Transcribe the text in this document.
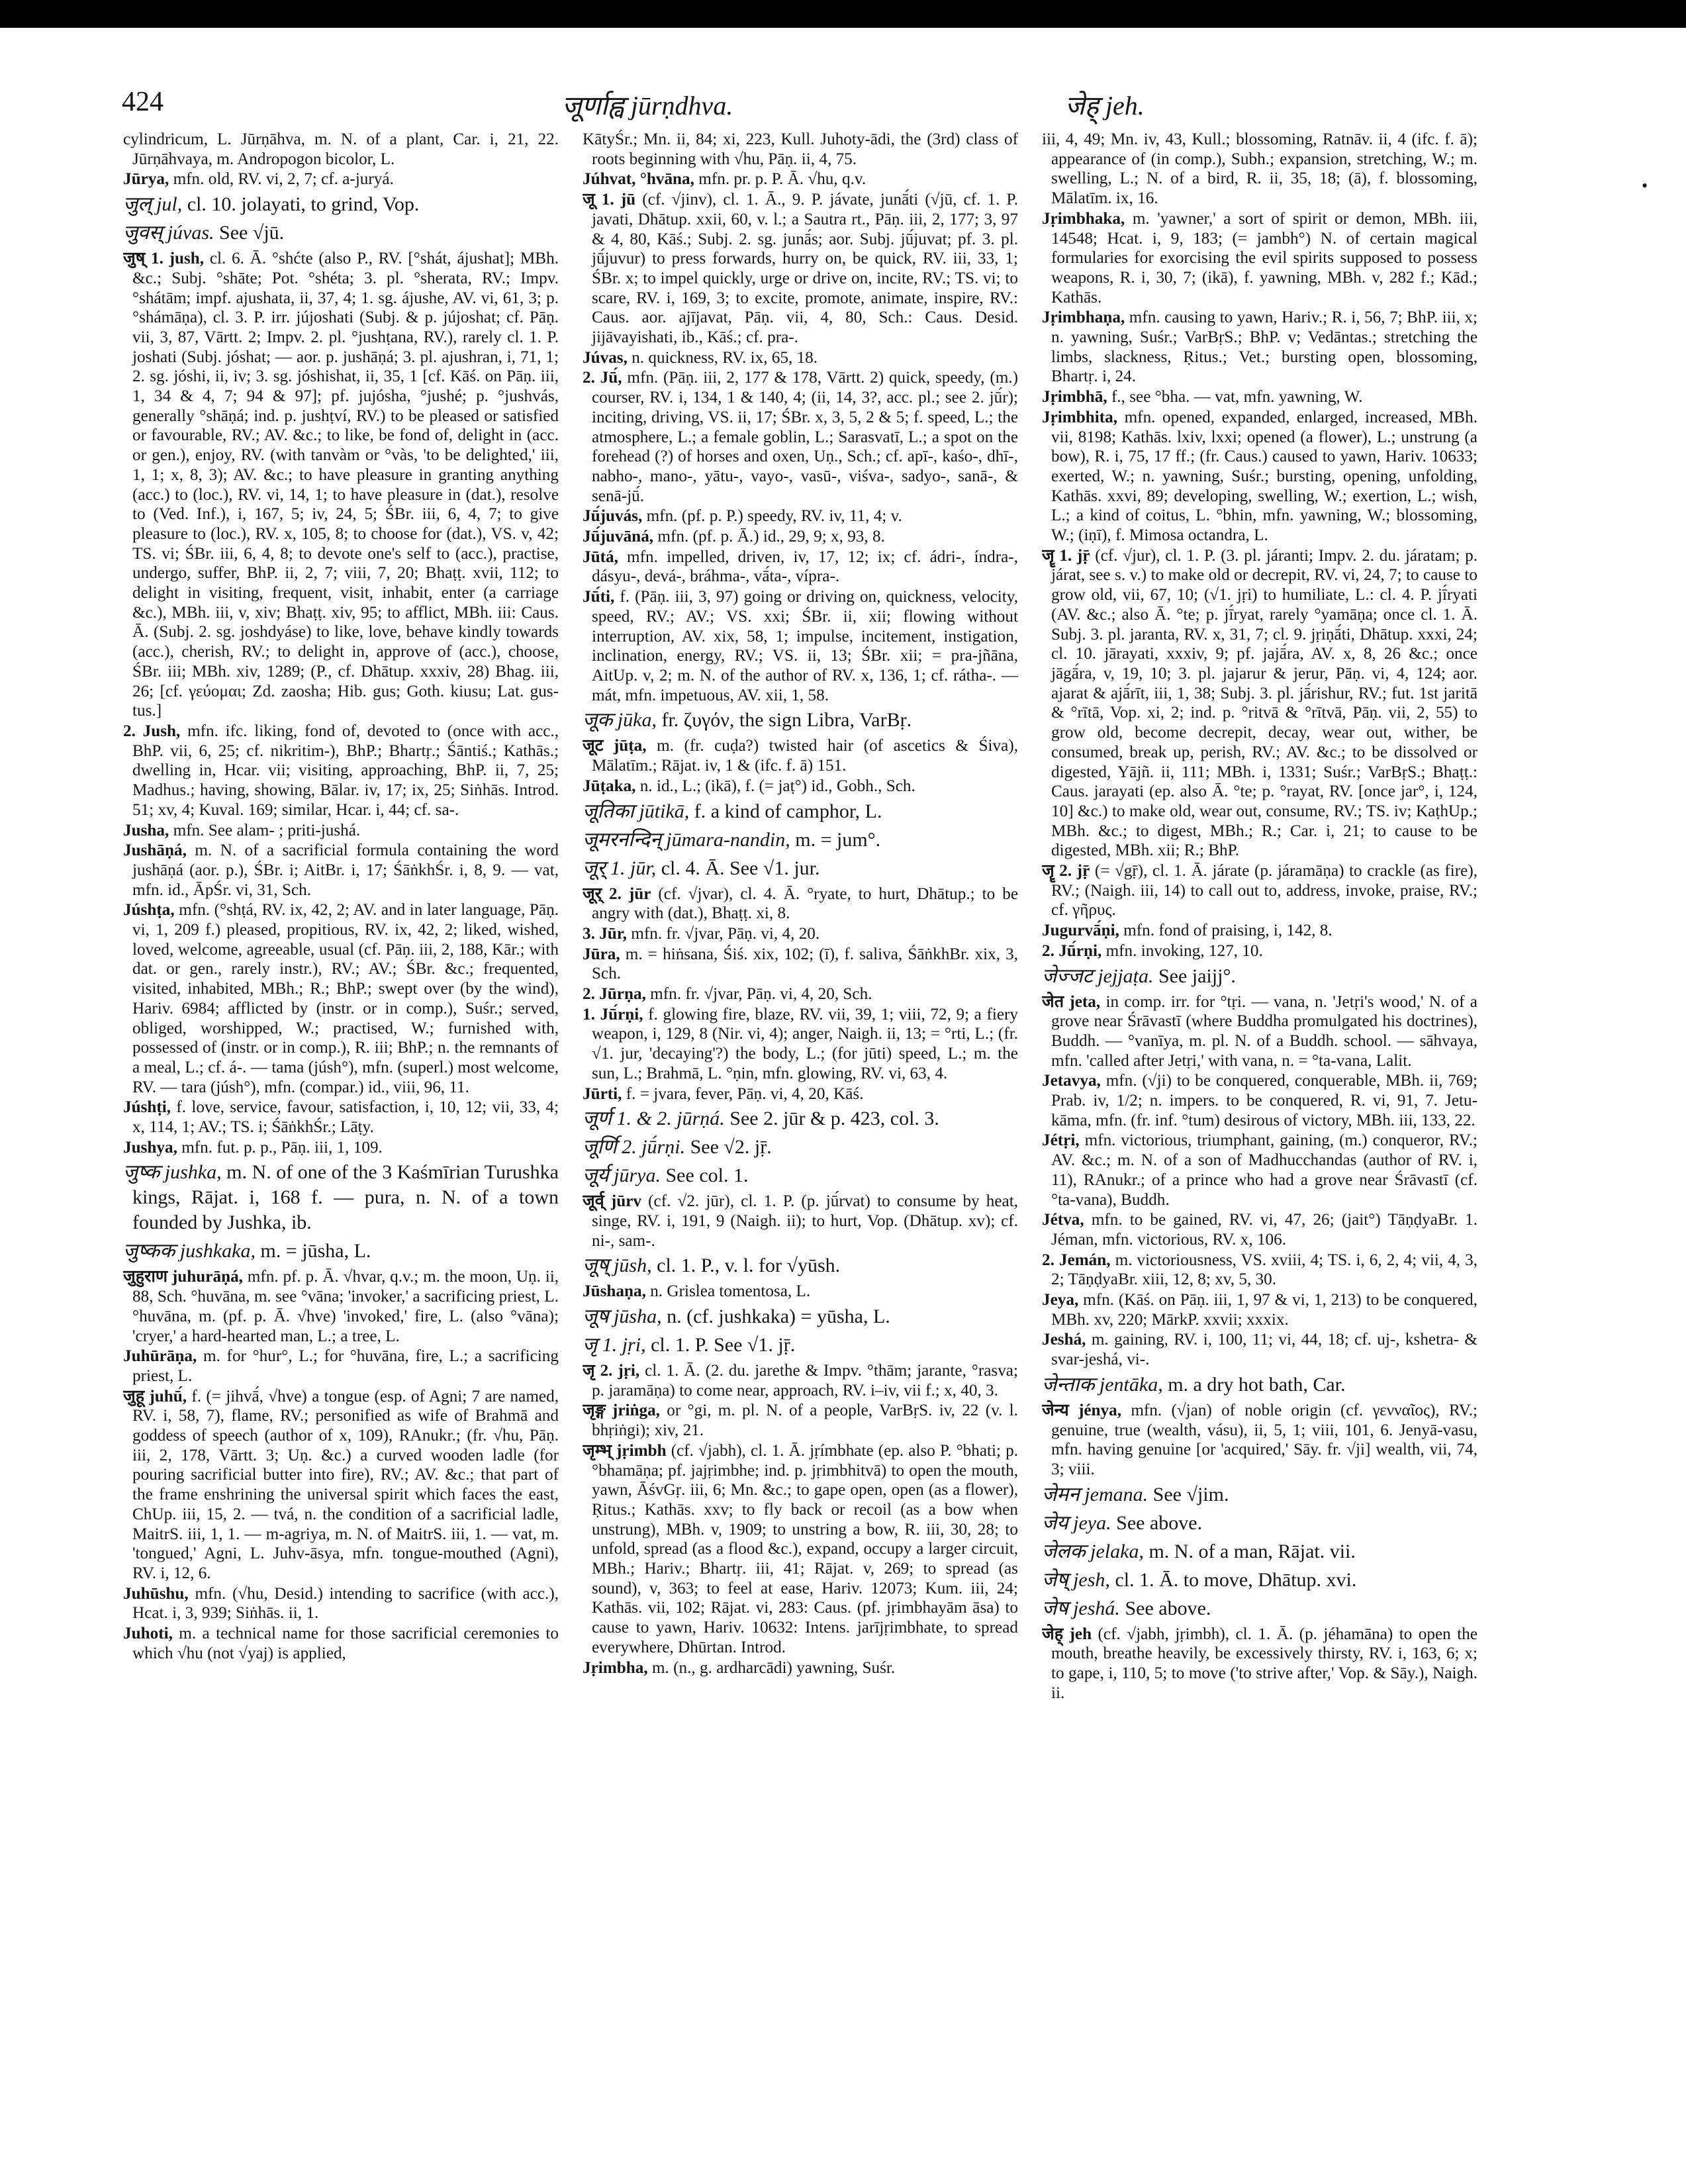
424	जूर्णाह्व jūrṇdhva.	जेह् jeh.
•

cylindricum, L. Jūrṇāhva, m. N. of a plant, Car. i, 21, 22. Jūrṇāhvaya, m. Andropogon bicolor, L.

Jūrya, mfn. old, RV. vi, 2, 7; cf. a-juryá.

जुल् jul, cl. 10. jolayati, to grind, Vop.

जुवस् júvas. See √jū.

जुष् 1. jush, cl. 6. Ā. °shćte (also P., RV. [°shát, ájushat]; MBh. &c.; Subj. °shāte; Pot. °shéta; 3. pl. °sherata, RV.; Impv. °shátām; impf. ajushata, ii, 37, 4; 1. sg. ájushe, AV. vi, 61, 3; p. °shámāṇa), cl. 3. P. irr. jújoshati (Subj. & p. jújoshat; cf. Pāṇ. vii, 3, 87, Vārtt. 2; Impv. 2. pl. °jushṭana, RV.), rarely cl. 1. P. joshati (Subj. jóshat; — aor. p. jushāṇá; 3. pl. ajushran, i, 71, 1; 2. sg. jóshi, ii, iv; 3. sg. jóshishat, ii, 35, 1 [cf. Kāś. on Pāṇ. iii, 1, 34 & 4, 7; 94 & 97]; pf. jujósha, °jushé; p. °jushvás, generally °shāṇá; ind. p. jushṭví, RV.) to be pleased or satisfied or favourable, RV.; AV. &c.; to like, be fond of, delight in (acc. or gen.), enjoy, RV. (with tanvàm or °vàs, 'to be delighted,' iii, 1, 1; x, 8, 3); AV. &c.; to have pleasure in granting anything (acc.) to (loc.), RV. vi, 14, 1; to have pleasure in (dat.), resolve to (Ved. Inf.), i, 167, 5; iv, 24, 5; ŚBr. iii, 6, 4, 7; to give pleasure to (loc.), RV. x, 105, 8; to choose for (dat.), VS. v, 42; TS. vi; ŚBr. iii, 6, 4, 8; to devote one's self to (acc.), practise, undergo, suffer, BhP. ii, 2, 7; viii, 7, 20; Bhaṭṭ. xvii, 112; to delight in visiting, frequent, visit, inhabit, enter (a carriage &c.), MBh. iii, v, xiv; Bhaṭṭ. xiv, 95; to afflict, MBh. iii: Caus. Ā. (Subj. 2. sg. joshdyáse) to like, love, behave kindly towards (acc.), cherish, RV.; to delight in, approve of (acc.), choose, ŚBr. iii; MBh. xiv, 1289; (P., cf. Dhātup. xxxiv, 28) Bhag. iii, 26; [cf. γεύομαι; Zd. zaosha; Hib. gus; Goth. kiusu; Lat. gus-tus.]

2. Jush, mfn. ifc. liking, fond of, devoted to (once with acc., BhP. vii, 6, 25; cf. nikritim-), BhP.; Bhartṛ.; Śāntiś.; Kathās.; dwelling in, Hcar. vii; visiting, approaching, BhP. ii, 7, 25; Madhus.; having, showing, Bālar. iv, 17; ix, 25; Siṅhās. Introd. 51; xv, 4; Kuval. 169; similar, Hcar. i, 44; cf. sa-.

Jusha, mfn. See alam- ; priti-jushá.

Jushāṇá, m. N. of a sacrificial formula containing the word jushāṇá (aor. p.), ŚBr. i; AitBr. i, 17; ŚāṅkhŚr. i, 8, 9. — vat, mfn. id., ĀpŚr. vi, 31, Sch.

Júshṭa, mfn. (°shṭá, RV. ix, 42, 2; AV. and in later language, Pāṇ. vi, 1, 209 f.) pleased, propitious, RV. ix, 42, 2; liked, wished, loved, welcome, agreeable, usual (cf. Pāṇ. iii, 2, 188, Kār.; with dat. or gen., rarely instr.), RV.; AV.; ŚBr. &c.; frequented, visited, inhabited, MBh.; R.; BhP.; swept over (by the wind), Hariv. 6984; afflicted by (instr. or in comp.), Suśr.; served, obliged, worshipped, W.; practised, W.; furnished with, possessed of (instr. or in comp.), R. iii; BhP.; n. the remnants of a meal, L.; cf. á-. — tama (júsh°), mfn. (superl.) most welcome, RV. — tara (júsh°), mfn. (compar.) id., viii, 96, 11.

Júshṭi, f. love, service, favour, satisfaction, i, 10, 12; vii, 33, 4; x, 114, 1; AV.; TS. i; ŚāṅkhŚr.; Lāṭy.

Jushya, mfn. fut. p. p., Pāṇ. iii, 1, 109.

जुष्क jushka, m. N. of one of the 3 Kaśmīrian Turushka kings, Rājat. i, 168 f. — pura, n. N. of a town founded by Jushka, ib.

जुष्कक jushkaka, m. = jūsha, L.

जुहुराण juhurāṇá, mfn. pf. p. Ā. √hvar, q.v.; m. the moon, Uṇ. ii, 88, Sch. °huvāna, m. see °vāna; 'invoker,' a sacrificing priest, L. °huvāna, m. (pf. p. Ā. √hve) 'invoked,' fire, L. (also °vāna); 'cryer,' a hard-hearted man, L.; a tree, L.

Juhūrāṇa, m. for °hur°, L.; for °huvāna, fire, L.; a sacrificing priest, L.

जुहू juhū́, f. (= jihvā́, √hve) a tongue (esp. of Agni; 7 are named, RV. i, 58, 7), flame, RV.; personified as wife of Brahmā and goddess of speech (author of x, 109), RAnukr.; (fr. √hu, Pāṇ. iii, 2, 178, Vārtt. 3; Uṇ. &c.) a curved wooden ladle (for pouring sacrificial butter into fire), RV.; AV. &c.; that part of the frame enshrining the universal spirit which faces the east, ChUp. iii, 15, 2. — tvá, n. the condition of a sacrificial ladle, MaitrS. iii, 1, 1. — m-agriya, m. N. of MaitrS. iii, 1. — vat, m. 'tongued,' Agni, L. Juhv-āsya, mfn. tongue-mouthed (Agni), RV. i, 12, 6.

Juhūshu, mfn. (√hu, Desid.) intending to sacrifice (with acc.), Hcat. i, 3, 939; Siṅhās. ii, 1.

Juhoti, m. a technical name for those sacrificial ceremonies to which √hu (not √yaj) is applied,

KātyŚr.; Mn. ii, 84; xi, 223, Kull. Juhoty-ādi, the (3rd) class of roots beginning with √hu, Pāṇ. ii, 4, 75.

Júhvat, °hvāna, mfn. pr. p. P. Ā. √hu, q.v.

जू 1. jū (cf. √jinv), cl. 1. Ā., 9. P. jávate, junā́ti (√jū, cf. 1. P. javati, Dhātup. xxii, 60, v. l.; a Sautra rt., Pāṇ. iii, 2, 177; 3, 97 & 4, 80, Kāś.; Subj. 2. sg. junā́s; aor. Subj. jū́juvat; pf. 3. pl. jū́juvur) to press forwards, hurry on, be quick, RV. iii, 33, 1; ŚBr. x; to impel quickly, urge or drive on, incite, RV.; TS. vi; to scare, RV. i, 169, 3; to excite, promote, animate, inspire, RV.: Caus. aor. ajījavat, Pāṇ. vii, 4, 80, Sch.: Caus. Desid. jijāvayishati, ib., Kāś.; cf. pra-.

Júvas, n. quickness, RV. ix, 65, 18.

2. Jū́, mfn. (Pāṇ. iii, 2, 177 & 178, Vārtt. 2) quick, speedy, (m.) courser, RV. i, 134, 1 & 140, 4; (ii, 14, 3?, acc. pl.; see 2. jū́r); inciting, driving, VS. ii, 17; ŚBr. x, 3, 5, 2 & 5; f. speed, L.; the atmosphere, L.; a female goblin, L.; Sarasvatī, L.; a spot on the forehead (?) of horses and oxen, Uṇ., Sch.; cf. apī-, kaśo-, dhī-, nabho-, mano-, yātu-, vayo-, vasū-, viśva-, sadyo-, sanā-, & senā-jū́.

Jū́juvás, mfn. (pf. p. P.) speedy, RV. iv, 11, 4; v.

Jū́juvāná, mfn. (pf. p. Ā.) id., 29, 9; x, 93, 8.

Jūtá, mfn. impelled, driven, iv, 17, 12; ix; cf. ádri-, índra-, dásyu-, devá-, bráhma-, vā́ta-, vípra-.

Jū́ti, f. (Pāṇ. iii, 3, 97) going or driving on, quickness, velocity, speed, RV.; AV.; VS. xxi; ŚBr. ii, xii; flowing without interruption, AV. xix, 58, 1; impulse, incitement, instigation, inclination, energy, RV.; VS. ii, 13; ŚBr. xii; = pra-jñāna, AitUp. v, 2; m. N. of the author of RV. x, 136, 1; cf. rátha-. — mát, mfn. impetuous, AV. xii, 1, 58.

जूक jūka, fr. ζυγόν, the sign Libra, VarBṛ.

जूट jūṭa, m. (fr. cuḍa?) twisted hair (of ascetics & Śiva), Mālatīm.; Rājat. iv, 1 & (ifc. f. ā) 151.

Jūṭaka, n. id., L.; (ikā), f. (= jaṭ°) id., Gobh., Sch.

जूतिका jūtikā, f. a kind of camphor, L.

जूमरनन्दिन् jūmara-nandin, m. = jum°.

जूर् 1. jūr, cl. 4. Ā. See √1. jur.

जूर् 2. jūr (cf. √jvar), cl. 4. Ā. °ryate, to hurt, Dhātup.; to be angry with (dat.), Bhaṭṭ. xi, 8.

3. Jūr, mfn. fr. √jvar, Pāṇ. vi, 4, 20.

Jūra, m. = hiṅsana, Śiś. xix, 102; (ī), f. saliva, ŚāṅkhBr. xix, 3, Sch.

2. Jūrṇa, mfn. fr. √jvar, Pāṇ. vi, 4, 20, Sch.

1. Jū́rṇi, f. glowing fire, blaze, RV. vii, 39, 1; viii, 72, 9; a fiery weapon, i, 129, 8 (Nir. vi, 4); anger, Naigh. ii, 13; = °rti, L.; (fr. √1. jur, 'decaying'?) the body, L.; (for jūti) speed, L.; m. the sun, L.; Brahmā, L. °ṇin, mfn. glowing, RV. vi, 63, 4.

Jūrti, f. = jvara, fever, Pāṇ. vi, 4, 20, Kāś.

जूर्ण 1. & 2. jūrṇá. See 2. jūr & p. 423, col. 3.

जूर्णि 2. jū́rṇi. See √2. jṝ.

जूर्य jūrya. See col. 1.

जूर्व् jūrv (cf. √2. jūr), cl. 1. P. (p. jū́rvat) to consume by heat, singe, RV. i, 191, 9 (Naigh. ii); to hurt, Vop. (Dhātup. xv); cf. ni-, sam-.

जूष् jūsh, cl. 1. P., v. l. for √yūsh.

Jūshaṇa, n. Grislea tomentosa, L.

जूष jūsha, n. (cf. jushkaka) = yūsha, L.

जृ 1. jṛi, cl. 1. P. See √1. jṝ.

जृ 2. jṛi, cl. 1. Ā. (2. du. jarethe & Impv. °thām; jarante, °rasva; p. jaramāṇa) to come near, approach, RV. i–iv, vii f.; x, 40, 3.

जृङ्ग jriṅga, or °gi, m. pl. N. of a people, VarBṛS. iv, 22 (v. l. bhṛiṅgi); xiv, 21.

जृम्भ् jṛimbh (cf. √jabh), cl. 1. Ā. jṛímbhate (ep. also P. °bhati; p. °bhamāṇa; pf. jajṛimbhe; ind. p. jṛimbhitvā) to open the mouth, yawn, ĀśvGṛ. iii, 6; Mn. &c.; to gape open, open (as a flower), Ṛitus.; Kathās. xxv; to fly back or recoil (as a bow when unstrung), MBh. v, 1909; to unstring a bow, R. iii, 30, 28; to unfold, spread (as a flood &c.), expand, occupy a larger circuit, MBh.; Hariv.; Bhartṛ. iii, 41; Rājat. v, 269; to spread (as sound), v, 363; to feel at ease, Hariv. 12073; Kum. iii, 24; Kathās. vii, 102; Rājat. vi, 283: Caus. (pf. jṛimbhayām āsa) to cause to yawn, Hariv. 10632: Intens. jarījṛimbhate, to spread everywhere, Dhūrtan. Introd.

Jṛimbha, m. (n., g. ardharcādi) yawning, Suśr.

iii, 4, 49; Mn. iv, 43, Kull.; blossoming, Ratnāv. ii, 4 (ifc. f. ā); appearance of (in comp.), Subh.; expansion, stretching, W.; m. swelling, L.; N. of a bird, R. ii, 35, 18; (ā), f. blossoming, Mālatīm. ix, 16.

Jṛimbhaka, m. 'yawner,' a sort of spirit or demon, MBh. iii, 14548; Hcat. i, 9, 183; (= jambh°) N. of certain magical formularies for exorcising the evil spirits supposed to possess weapons, R. i, 30, 7; (ikā), f. yawning, MBh. v, 282 f.; Kād.; Kathās.

Jṛimbhaṇa, mfn. causing to yawn, Hariv.; R. i, 56, 7; BhP. iii, x; n. yawning, Suśr.; VarBṛS.; BhP. v; Vedāntas.; stretching the limbs, slackness, Ṛitus.; Vet.; bursting open, blossoming, Bhartṛ. i, 24.

Jṛimbhā, f., see °bha. — vat, mfn. yawning, W.

Jṛimbhita, mfn. opened, expanded, enlarged, increased, MBh. vii, 8198; Kathās. lxiv, lxxi; opened (a flower), L.; unstrung (a bow), R. i, 75, 17 ff.; (fr. Caus.) caused to yawn, Hariv. 10633; exerted, W.; n. yawning, Suśr.; bursting, opening, unfolding, Kathās. xxvi, 89; developing, swelling, W.; exertion, L.; wish, L.; a kind of coitus, L. °bhin, mfn. yawning, W.; blossoming, W.; (iṇī), f. Mimosa octandra, L.

जॄ 1. jṝ (cf. √jur), cl. 1. P. (3. pl. járanti; Impv. 2. du. járatam; p. járat, see s. v.) to make old or decrepit, RV. vi, 24, 7; to cause to grow old, vii, 67, 10; (√1. jṛi) to humiliate, L.: cl. 4. P. jī́ryati (AV. &c.; also Ā. °te; p. jī́ryat, rarely °yamāṇa; once cl. 1. Ā. Subj. 3. pl. jaranta, RV. x, 31, 7; cl. 9. jṛiṇā́ti, Dhātup. xxxi, 24; cl. 10. jārayati, xxxiv, 9; pf. jajā́ra, AV. x, 8, 26 &c.; once jāgā́ra, v, 19, 10; 3. pl. jajarur & jerur, Pāṇ. vi, 4, 124; aor. ajarat & ajā́rīt, iii, 1, 38; Subj. 3. pl. jā́rishur, RV.; fut. 1st jaritā & °rītā, Vop. xi, 2; ind. p. °ritvā & °rītvā, Pāṇ. vii, 2, 55) to grow old, become decrepit, decay, wear out, wither, be consumed, break up, perish, RV.; AV. &c.; to be dissolved or digested, Yājñ. ii, 111; MBh. i, 1331; Suśr.; VarBṛS.; Bhaṭṭ.: Caus. jarayati (ep. also Ā. °te; p. °rayat, RV. [once jar°, i, 124, 10] &c.) to make old, wear out, consume, RV.; TS. iv; KaṭhUp.; MBh. &c.; to digest, MBh.; R.; Car. i, 21; to cause to be digested, MBh. xii; R.; BhP.

जॄ 2. jṝ (= √gṝ), cl. 1. Ā. járate (p. járamāṇa) to crackle (as fire), RV.; (Naigh. iii, 14) to call out to, address, invoke, praise, RV.; cf. γῆρυς.

Jugurvā́ṇi, mfn. fond of praising, i, 142, 8.

2. Jū́rṇi, mfn. invoking, 127, 10.

जेज्जट jejjaṭa. See jaijj°.

जेत jeta, in comp. irr. for °tṛi. — vana, n. 'Jetṛi's wood,' N. of a grove near Śrāvastī (where Buddha promulgated his doctrines), Buddh. — °vanīya, m. pl. N. of a Buddh. school. — sāhvaya, mfn. 'called after Jetṛi,' with vana, n. = °ta-vana, Lalit.

Jetavya, mfn. (√ji) to be conquered, conquerable, MBh. ii, 769; Prab. iv, 1/2; n. impers. to be conquered, R. vi, 91, 7. Jetu-kāma, mfn. (fr. inf. °tum) desirous of victory, MBh. iii, 133, 22.

Jétṛi, mfn. victorious, triumphant, gaining, (m.) conqueror, RV.; AV. &c.; m. N. of a son of Madhucchandas (author of RV. i, 11), RAnukr.; of a prince who had a grove near Śrāvastī (cf. °ta-vana), Buddh.

Jétva, mfn. to be gained, RV. vi, 47, 26; (jait°) TāṇḍyaBr. 1. Jéman, mfn. victorious, RV. x, 106.

2. Jemán, m. victoriousness, VS. xviii, 4; TS. i, 6, 2, 4; vii, 4, 3, 2; TāṇḍyaBr. xiii, 12, 8; xv, 5, 30.

Jeya, mfn. (Kāś. on Pāṇ. iii, 1, 97 & vi, 1, 213) to be conquered, MBh. xv, 220; MārkP. xxvii; xxxix.

Jeshá, m. gaining, RV. i, 100, 11; vi, 44, 18; cf. uj-, kshetra- & svar-jeshá, vi-.

जेन्ताक jentāka, m. a dry hot bath, Car.

जेन्य jénya, mfn. (√jan) of noble origin (cf. γενναῖος), RV.; genuine, true (wealth, vásu), ii, 5, 1; viii, 101, 6. Jenyā-vasu, mfn. having genuine [or 'acquired,' Sāy. fr. √ji] wealth, vii, 74, 3; viii.

जेमन jemana. See √jim.

जेय jeya. See above.

जेलक jelaka, m. N. of a man, Rājat. vii.

जेष् jesh, cl. 1. Ā. to move, Dhātup. xvi.

जेष jeshá. See above.

जेह् jeh (cf. √jabh, jṛimbh), cl. 1. Ā. (p. jéhamāna) to open the mouth, breathe heavily, be excessively thirsty, RV. i, 163, 6; x; to gape, i, 110, 5; to move ('to strive after,' Vop. & Sāy.), Naigh. ii.
